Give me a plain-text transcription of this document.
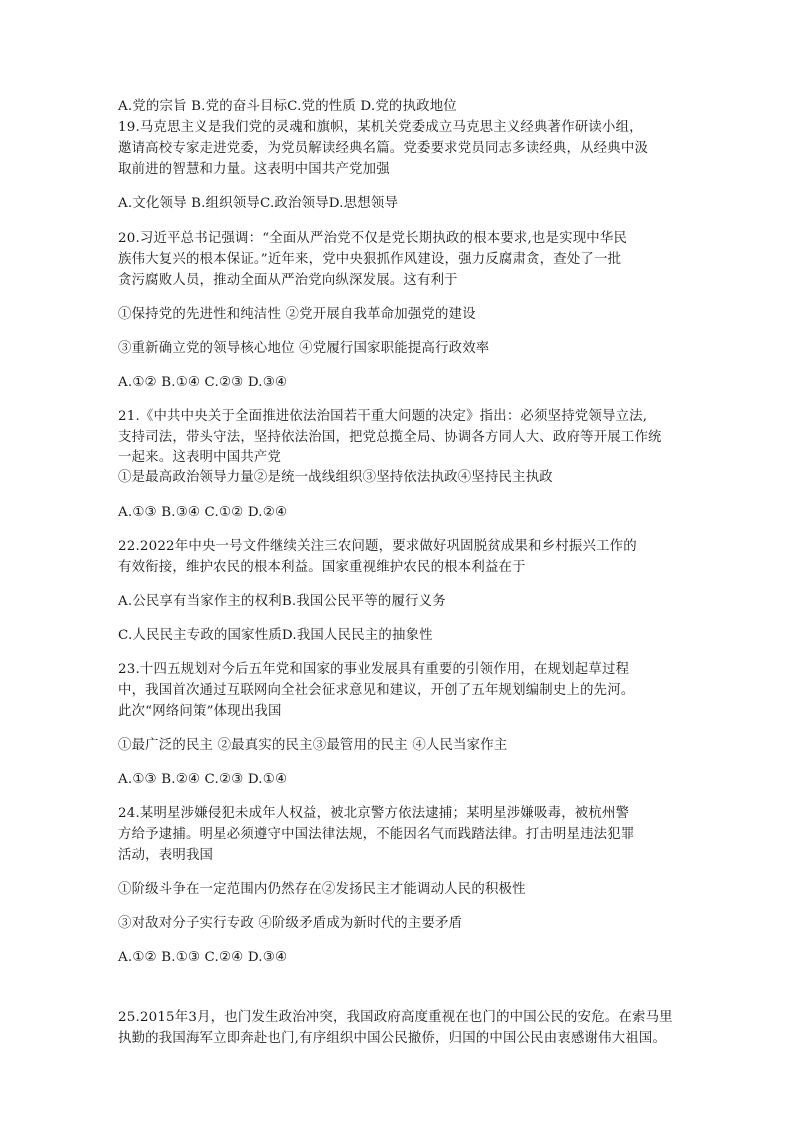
A.党的宗旨 B.党的奋斗目标C.党的性质 D.党的执政地位
19.马克思主义是我们党的灵魂和旗帜，某机关党委成立马克思主义经典著作研读小组，
邀请高校专家走进党委，为党员解读经典名篇。党委要求党员同志多读经典，从经典中汲
取前进的智慧和力量。这表明中国共产党加强
A.文化领导 B.组织领导C.政治领导D.思想领导
20.习近平总书记强调：“全面从严治党不仅是党长期执政的根本要求,也是实现中华民
族伟大复兴的根本保证。”近年来，党中央狠抓作风建设，强力反腐肃贪，查处了一批
贪污腐败人员，推动全面从严治党向纵深发展。这有利于
①保持党的先进性和纯洁性 ②党开展自我革命加强党的建设
③重新确立党的领导核心地位 ④党履行国家职能提高行政效率
A.①② B.①④ C.②③ D.③④
21.《中共中央关于全面推进依法治国若干重大问题的决定》指出：必须坚持党领导立法,
支持司法，带头守法，坚持依法治国，把党总揽全局、协调各方同人大、政府等开展工作统
一起来。这表明中国共产党
①是最高政治领导力量②是统一战线组织③坚持依法执政④坚持民主执政
A.①③ B.③④ C.①② D.②④
22.2022年中央一号文件继续关注三农问题，要求做好巩固脱贫成果和乡村振兴工作的
有效衔接，维护农民的根本利益。国家重视维护农民的根本利益在于
A.公民享有当家作主的权利B.我国公民平等的履行义务
C.人民民主专政的国家性质D.我国人民民主的抽象性
23.十四五规划对今后五年党和国家的事业发展具有重要的引领作用，在规划起草过程
中，我国首次通过互联网向全社会征求意见和建议，开创了五年规划编制史上的先河。
此次“网络问策”体现出我国
①最广泛的民主 ②最真实的民主③最管用的民主 ④人民当家作主
A.①③ B.②④ C.②③ D.①④
24.某明星涉嫌侵犯未成年人权益，被北京警方依法逮捕；某明星涉嫌吸毒，被杭州警
方给予逮捕。明星必须遵守中国法律法规，不能因名气而践踏法律。打击明星违法犯罪
活动，表明我国
①阶级斗争在一定范围内仍然存在②发扬民主才能调动人民的积极性
③对敌对分子实行专政 ④阶级矛盾成为新时代的主要矛盾
A.①② B.①③ C.②④ D.③④
25.2015年3月，也门发生政治冲突，我国政府高度重视在也门的中国公民的安危。在索马里
执勤的我国海军立即奔赴也门,有序组织中国公民撤侨，归国的中国公民由衷感谢伟大祖国。
